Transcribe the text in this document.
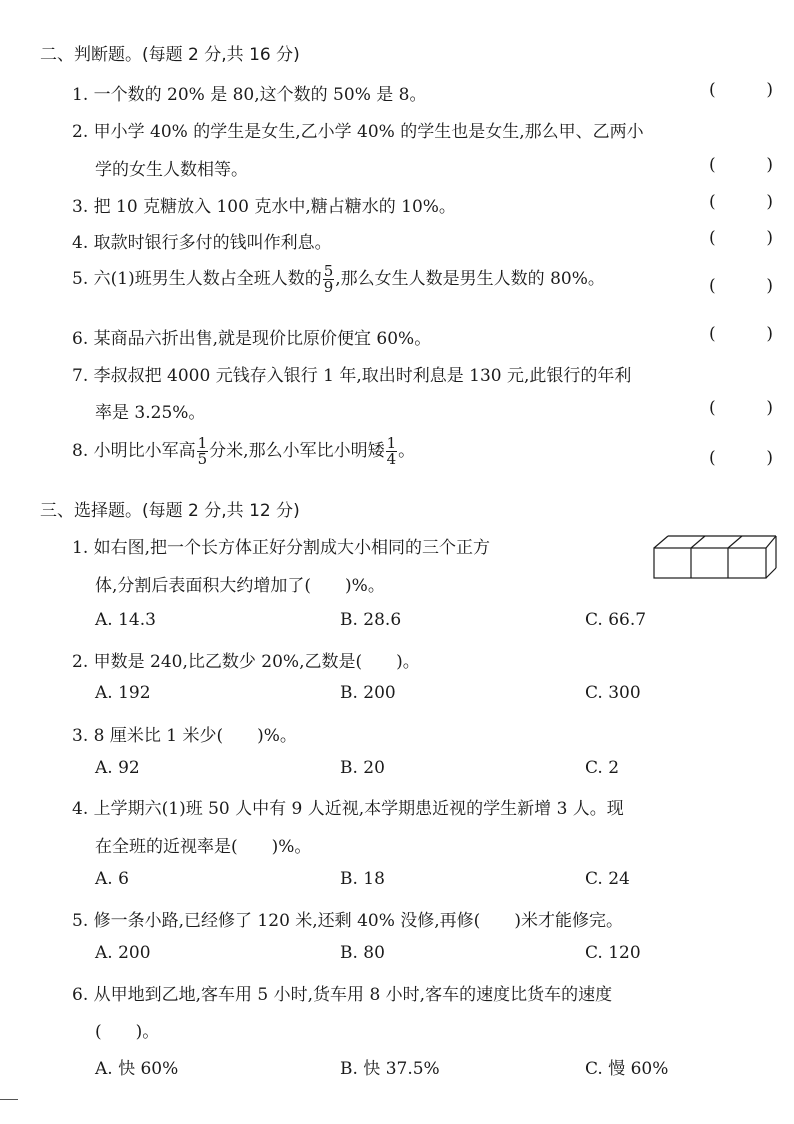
二、判断题。(每题 2 分,共 16 分)
1. 一个数的 20% 是 80,这个数的 50% 是 8。	(	)
2. 甲小学 40% 的学生是女生,乙小学 40% 的学生也是女生,那么甲、乙两小
学的女生人数相等。	(	)
3. 把 10 克糖放入 100 克水中,糖占糖水的 10%。	(	)
4. 取款时银行多付的钱叫作利息。	(	)
5. 六(1)班男生人数占全班人数的 $\frac{5}{9}$ ,那么女生人数是男生人数的 80%。	(	)
6. 某商品六折出售,就是现价比原价便宜 60%。	(	)
7. 李叔叔把 4000 元钱存入银行 1 年,取出时利息是 130 元,此银行的年利
率是 3.25%。	(	)
8. 小明比小军高 $\frac{1}{5}$ 分米,那么小军比小明矮 $\frac{1}{4}$ 。	(	)
三、选择题。(每题 2 分,共 12 分)
1. 如右图,把一个长方体正好分割成大小相同的三个正方
体,分割后表面积大约增加了(　　)%。
A. 14.3	B. 28.6	C. 66.7
2. 甲数是 240,比乙数少 20%,乙数是(　　)。
A. 192	B. 200	C. 300
3. 8 厘米比 1 米少(　　)%。
A. 92	B. 20	C. 2
4. 上学期六(1)班 50 人中有 9 人近视,本学期患近视的学生新增 3 人。现
在全班的近视率是(　　)%。
A. 6	B. 18	C. 24
5. 修一条小路,已经修了 120 米,还剩 40% 没修,再修(　　)米才能修完。
A. 200	B. 80	C. 120
6. 从甲地到乙地,客车用 5 小时,货车用 8 小时,客车的速度比货车的速度
(　　)。
A. 快 60%	B. 快 37.5%	C. 慢 60%
